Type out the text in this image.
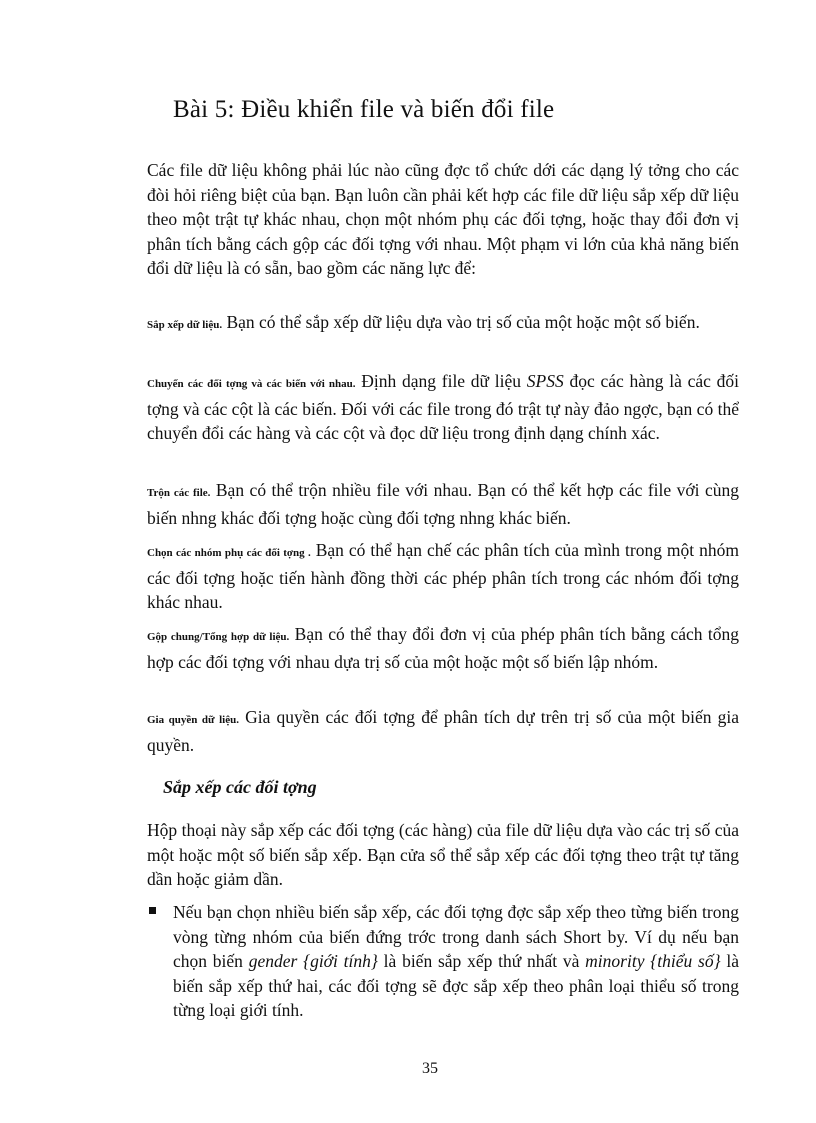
Bài 5: Điều khiển file và biến đổi file

Các file dữ liệu không phải lúc nào cũng đợc tổ chức dới các dạng lý tởng cho các đòi hỏi riêng biệt của bạn. Bạn luôn cần phải kết hợp các file dữ liệu sắp xếp dữ liệu theo một trật tự khác nhau, chọn một nhóm phụ các đối tợng, hoặc thay đổi đơn vị phân tích bằng cách gộp các đối tợng với nhau. Một phạm vi lớn của khả năng biến đổi dữ liệu là có sẵn, bao gồm các năng lực để:

Sắp xếp dữ liệu. Bạn có thể sắp xếp dữ liệu dựa vào trị số của một hoặc một số biến.

Chuyển các đối tợng và các biến với nhau. Định dạng file dữ liệu SPSS đọc các hàng là các đối tợng và các cột là các biến. Đối với các file trong đó trật tự này đảo ngợc, bạn có thể chuyển đổi các hàng và các cột và đọc dữ liệu trong định dạng chính xác.

Trộn các file. Bạn có thể trộn nhiều file với nhau. Bạn có thể kết hợp các file với cùng biến nhng khác đối tợng hoặc cùng đối tợng nhng khác biến.

Chọn các nhóm phụ các đối tợng . Bạn có thể hạn chế các phân tích của mình trong một nhóm các đối tợng hoặc tiến hành đồng thời các phép phân tích trong các nhóm đối tợng khác nhau.

Gộp chung/Tổng hợp dữ liệu. Bạn có thể thay đổi đơn vị của phép phân tích bằng cách tổng hợp các đối tợng với nhau dựa trị số của một hoặc một số biến lập nhóm.

Gia quyền dữ liệu. Gia quyền các đối tợng để phân tích dự trên trị số của một biến gia quyền.

Sắp xếp các đối tợng

Hộp thoại này sắp xếp các đối tợng (các hàng) của file dữ liệu dựa vào các trị số của một hoặc một số biến sắp xếp. Bạn cửa sổ thể sắp xếp các đối tợng theo trật tự tăng dần hoặc giảm dần.

Nếu bạn chọn nhiều biến sắp xếp, các đối tợng đợc sắp xếp theo từng biến trong vòng từng nhóm của biến đứng trớc trong danh sách Short by. Ví dụ nếu bạn chọn biến gender {giới tính} là biến sắp xếp thứ nhất và minority {thiểu số} là biến sắp xếp thứ hai, các đối tợng sẽ đợc sắp xếp theo phân loại thiểu số trong từng loại giới tính.

35
